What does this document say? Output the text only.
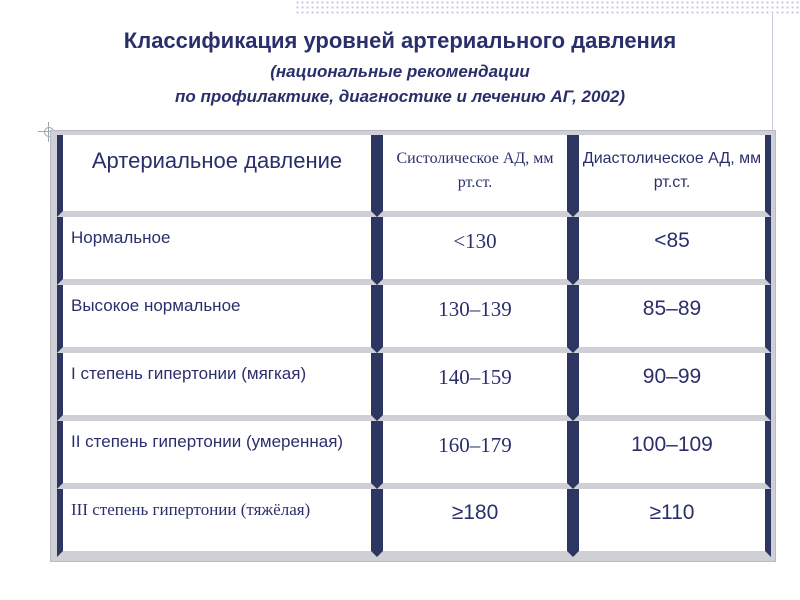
Классификация уровней артериального давления
(национальные рекомендации
по профилактике, диагностике и лечению АГ, 2002)
Артериальное давление	Систолическое АД, мм рт.ст.	Диастолическое АД, мм рт.ст.

Нормальное	<130	<85

Высокое нормальное	130–139	85–89

I степень гипертонии (мягкая)	140–159	90–99

II степень гипертонии (умеренная)	160–179	100–109

III степень гипертонии (тяжёлая)	≥180	≥110
